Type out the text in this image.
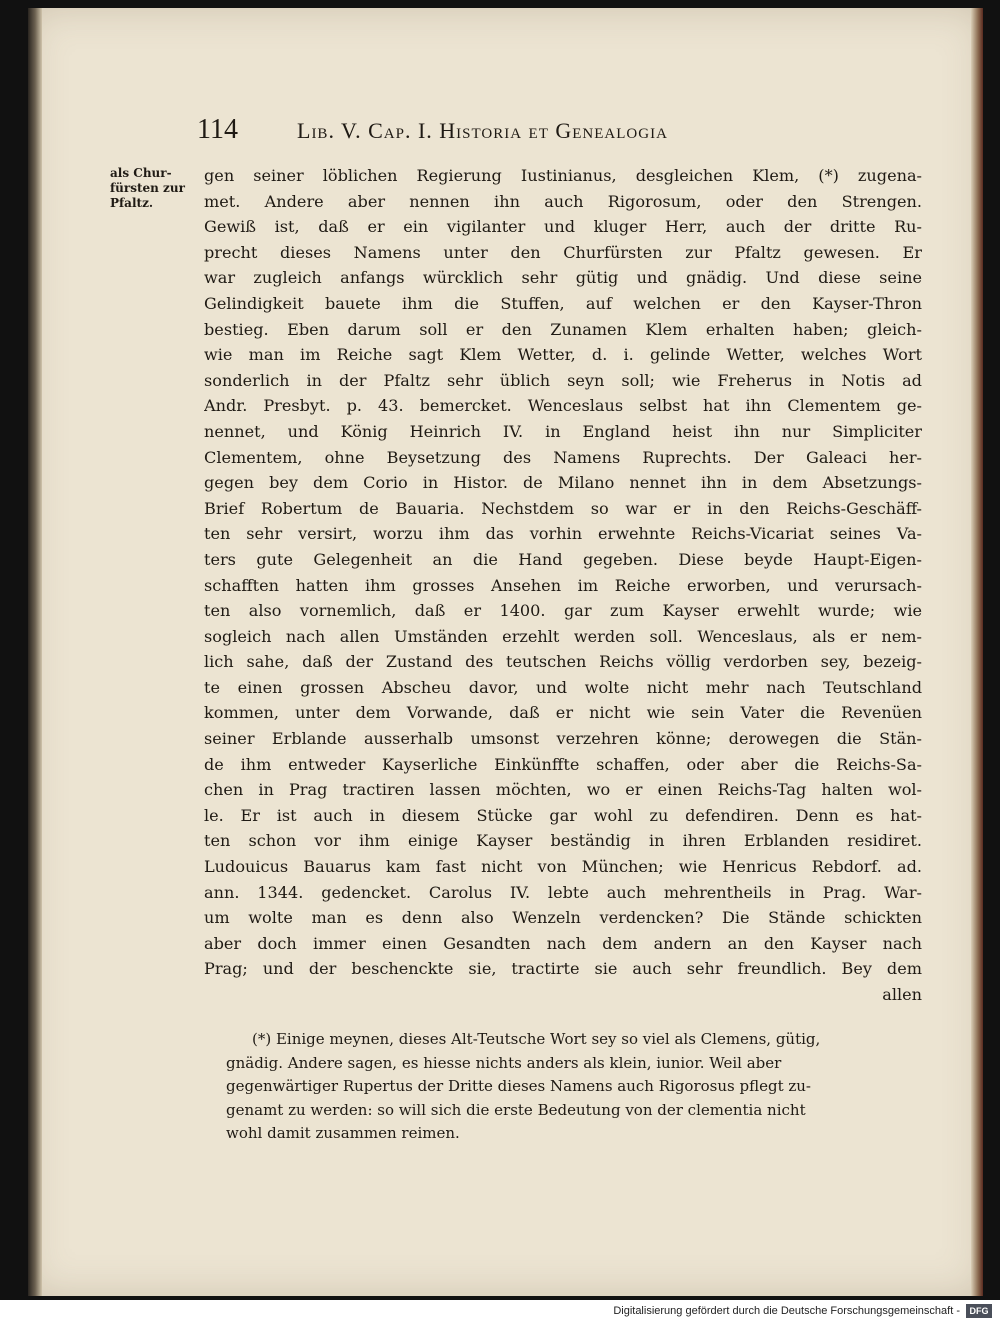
114	Lib. V. Cap. I. Historia et Genealogia
als Chur-
fürsten zur
Pfaltz.
gen seiner löblichen Regierung Iustinianus, desgleichen Klem, (*) zugena-
met. Andere aber nennen ihn auch Rigorosum, oder den Strengen.
Gewiß ist, daß er ein vigilanter und kluger Herr, auch der dritte Ru-
precht dieses Namens unter den Churfürsten zur Pfaltz gewesen. Er
war zugleich anfangs würcklich sehr gütig und gnädig. Und diese seine
Gelindigkeit bauete ihm die Stuffen, auf welchen er den Kayser-Thron
bestieg. Eben darum soll er den Zunamen Klem erhalten haben; gleich-
wie man im Reiche sagt Klem Wetter, d. i. gelinde Wetter, welches Wort
sonderlich in der Pfaltz sehr üblich seyn soll; wie Freherus in Notis ad
Andr. Presbyt. p. 43. bemercket. Wenceslaus selbst hat ihn Clementem ge-
nennet, und König Heinrich IV. in England heist ihn nur Simpliciter
Clementem, ohne Beysetzung des Namens Ruprechts. Der Galeaci her-
gegen bey dem Corio in Histor. de Milano nennet ihn in dem Absetzungs-
Brief Robertum de Bauaria. Nechstdem so war er in den Reichs-Geschäff-
ten sehr versirt, worzu ihm das vorhin erwehnte Reichs-Vicariat seines Va-
ters gute Gelegenheit an die Hand gegeben. Diese beyde Haupt-Eigen-
schafften hatten ihm grosses Ansehen im Reiche erworben, und verursach-
ten also vornemlich, daß er 1400. gar zum Kayser erwehlt wurde; wie
sogleich nach allen Umständen erzehlt werden soll. Wenceslaus, als er nem-
lich sahe, daß der Zustand des teutschen Reichs völlig verdorben sey, bezeig-
te einen grossen Abscheu davor, und wolte nicht mehr nach Teutschland
kommen, unter dem Vorwande, daß er nicht wie sein Vater die Revenüen
seiner Erblande ausserhalb umsonst verzehren könne; derowegen die Stän-
de ihm entweder Kayserliche Einkünffte schaffen, oder aber die Reichs-Sa-
chen in Prag tractiren lassen möchten, wo er einen Reichs-Tag halten wol-
le. Er ist auch in diesem Stücke gar wohl zu defendiren. Denn es hat-
ten schon vor ihm einige Kayser beständig in ihren Erblanden residiret.
Ludouicus Bauarus kam fast nicht von München; wie Henricus Rebdorf. ad.
ann. 1344. gedencket. Carolus IV. lebte auch mehrentheils in Prag. War-
um wolte man es denn also Wenzeln verdencken? Die Stände schickten
aber doch immer einen Gesandten nach dem andern an den Kayser nach
Prag; und der beschenckte sie, tractirte sie auch sehr freundlich. Bey dem
allen
(*) Einige meynen, dieses Alt-Teutsche Wort sey so viel als Clemens, gütig,
gnädig. Andere sagen, es hiesse nichts anders als klein, iunior. Weil aber
gegenwärtiger Rupertus der Dritte dieses Namens auch Rigorosus pflegt zu-
genamt zu werden: so will sich die erste Bedeutung von der clementia nicht
wohl damit zusammen reimen.
Digitalisierung gefördert durch die Deutsche Forschungsgemeinschaft -	DFG
